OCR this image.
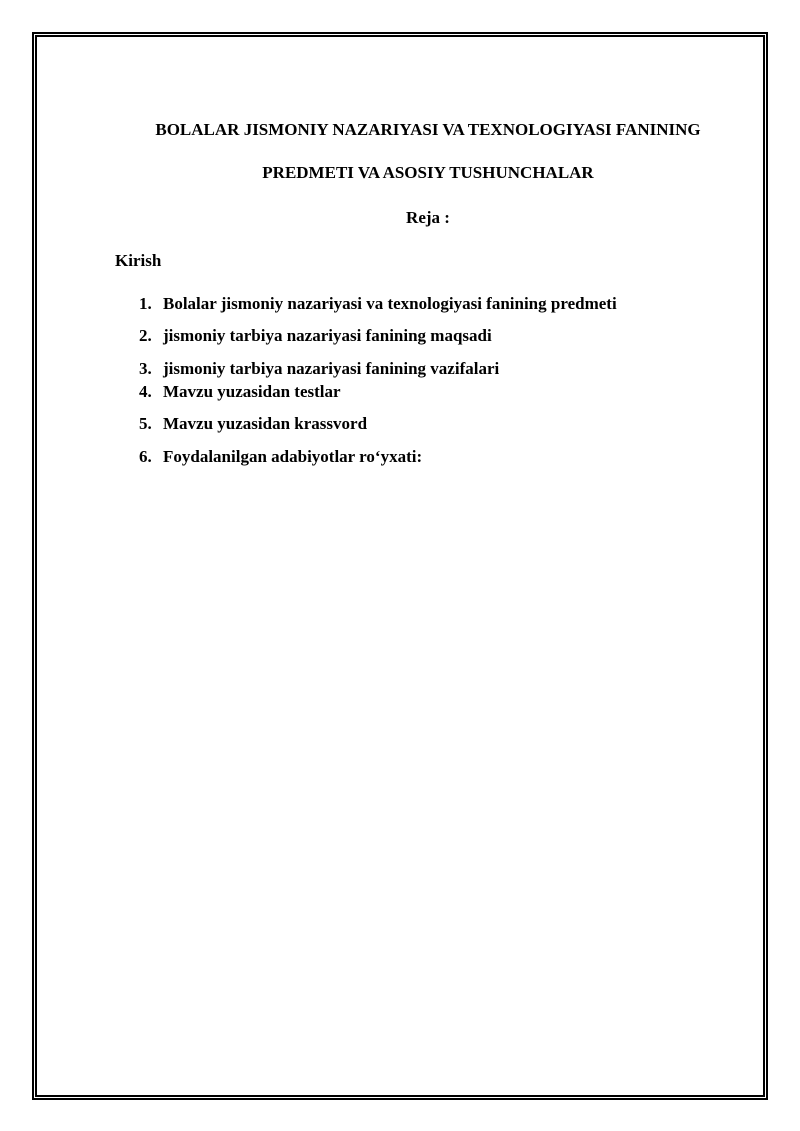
BOLALAR JISMONIY NAZARIYASI VA TEXNOLOGIYASI FANINING
PREDMETI VA ASOSIY TUSHUNCHALAR
Reja :
Kirish
1. Bolalar jismoniy nazariyasi va texnologiyasi fanining predmeti
2. jismoniy tarbiya nazariyasi fanining maqsadi
3. jismoniy tarbiya nazariyasi fanining vazifalari
4. Mavzu yuzasidan testlar
5. Mavzu yuzasidan krassvord
6. Foydalanilgan adabiyotlar ro‘yxati:
